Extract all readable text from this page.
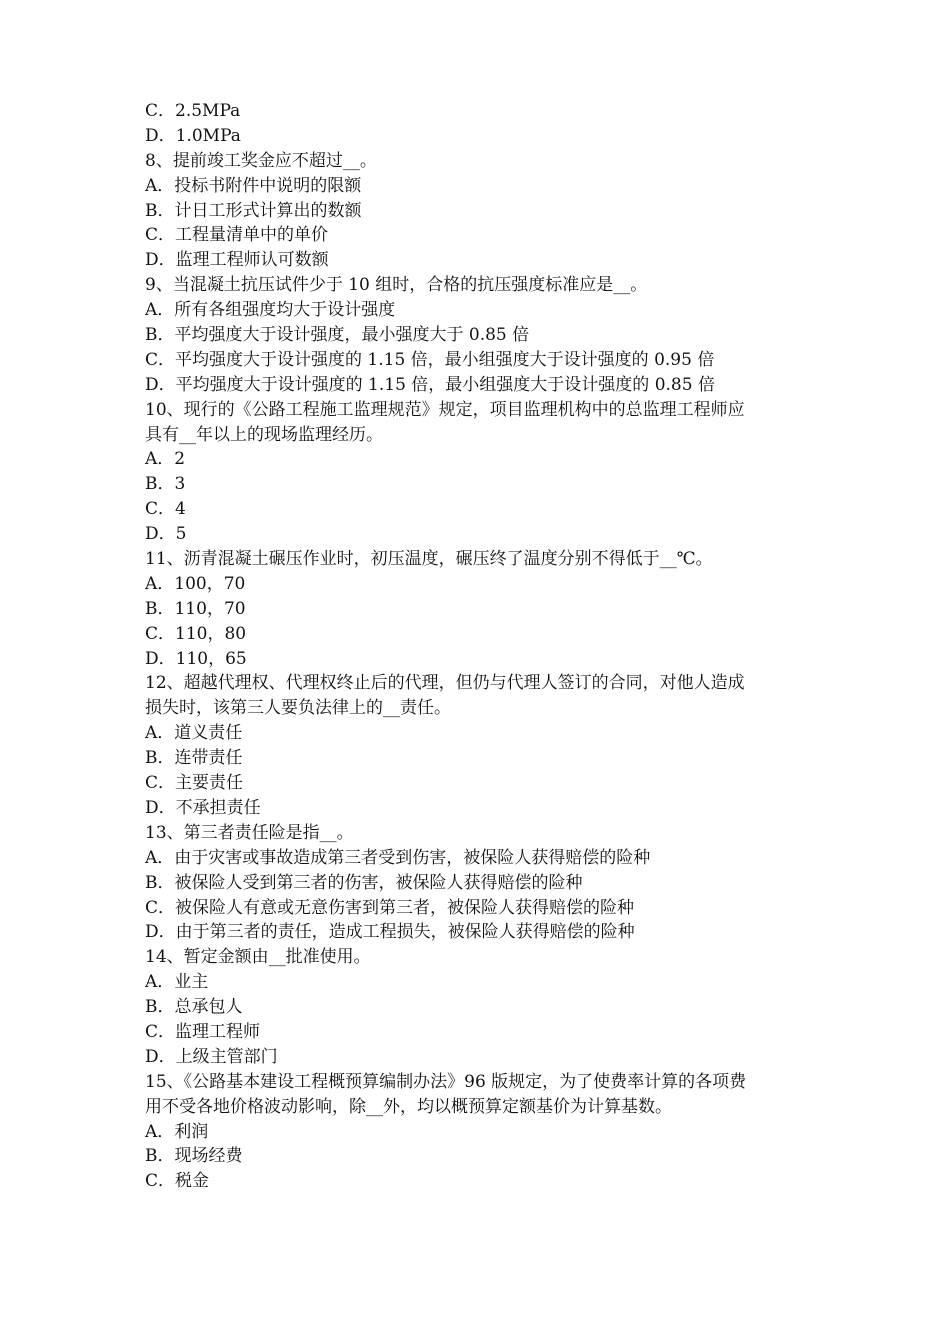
C．2.5MPa
D．1.0MPa
8、提前竣工奖金应不超过__。
A．投标书附件中说明的限额
B．计日工形式计算出的数额
C．工程量清单中的单价
D．监理工程师认可数额
9、当混凝土抗压试件少于 10 组时，合格的抗压强度标准应是__。
A．所有各组强度均大于设计强度
B．平均强度大于设计强度，最小强度大于 0.85 倍
C．平均强度大于设计强度的 1.15 倍，最小组强度大于设计强度的 0.95 倍
D．平均强度大于设计强度的 1.15 倍，最小组强度大于设计强度的 0.85 倍
10、现行的《公路工程施工监理规范》规定，项目监理机构中的总监理工程师应
具有__年以上的现场监理经历。
A．2
B．3
C．4
D．5
11、沥青混凝土碾压作业时，初压温度，碾压终了温度分别不得低于__℃。
A．100，70
B．110，70
C．110，80
D．110，65
12、超越代理权、代理权终止后的代理，但仍与代理人签订的合同，对他人造成
损失时，该第三人要负法律上的__责任。
A．道义责任
B．连带责任
C．主要责任
D．不承担责任
13、第三者责任险是指__。
A．由于灾害或事故造成第三者受到伤害，被保险人获得赔偿的险种
B．被保险人受到第三者的伤害，被保险人获得赔偿的险种
C．被保险人有意或无意伤害到第三者，被保险人获得赔偿的险种
D．由于第三者的责任，造成工程损失，被保险人获得赔偿的险种
14、暂定金额由__批准使用。
A．业主
B．总承包人
C．监理工程师
D．上级主管部门
15、《公路基本建设工程概预算编制办法》96 版规定，为了使费率计算的各项费
用不受各地价格波动影响，除__外，均以概预算定额基价为计算基数。
A．利润
B．现场经费
C．税金
